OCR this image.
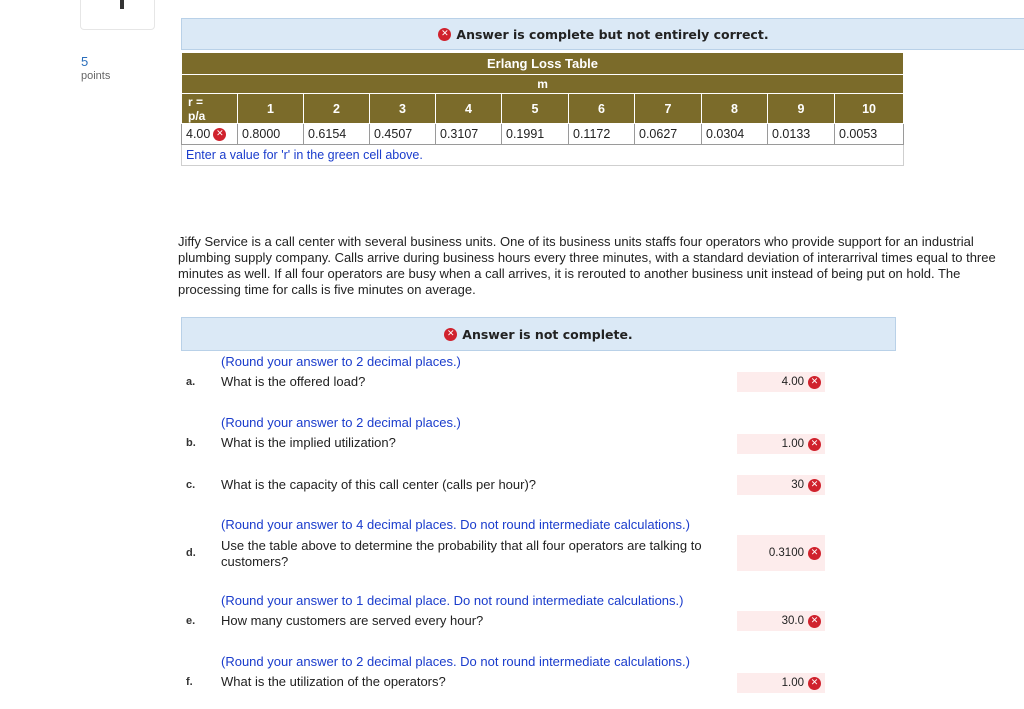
5
points
✕ Answer is complete but not entirely correct.
Erlang Loss Table										
m										

r =
p/a	1	2	3	4	5	6	7	8	9	10

4.00 ✕	0.8000	0.6154	0.4507	0.3107	0.1991	0.1172	0.0627	0.0304	0.0133	0.0053
Enter a value for 'r' in the green cell above.										
Jiffy Service is a call center with several business units. One of its business units staffs four operators who provide support for an industrial plumbing supply company. Calls arrive during business hours every three minutes, with a standard deviation of interarrival times equal to three minutes as well. If all four operators are busy when a call arrives, it is rerouted to another business unit instead of being put on hold. The processing time for calls is five minutes on average.
✕ Answer is not complete.
(Round your answer to 2 decimal places.)
a. What is the offered load?	4.00 ✕
(Round your answer to 2 decimal places.)
b. What is the implied utilization?	1.00 ✕
c. What is the capacity of this call center (calls per hour)?	30 ✕
(Round your answer to 4 decimal places. Do not round intermediate calculations.)
d. Use the table above to determine the probability that all four operators are talking to customers?
0.3100 ✕
(Round your answer to 1 decimal place. Do not round intermediate calculations.)
e. How many customers are served every hour?	30.0 ✕
(Round your answer to 2 decimal places. Do not round intermediate calculations.)
f. What is the utilization of the operators?	1.00 ✕
